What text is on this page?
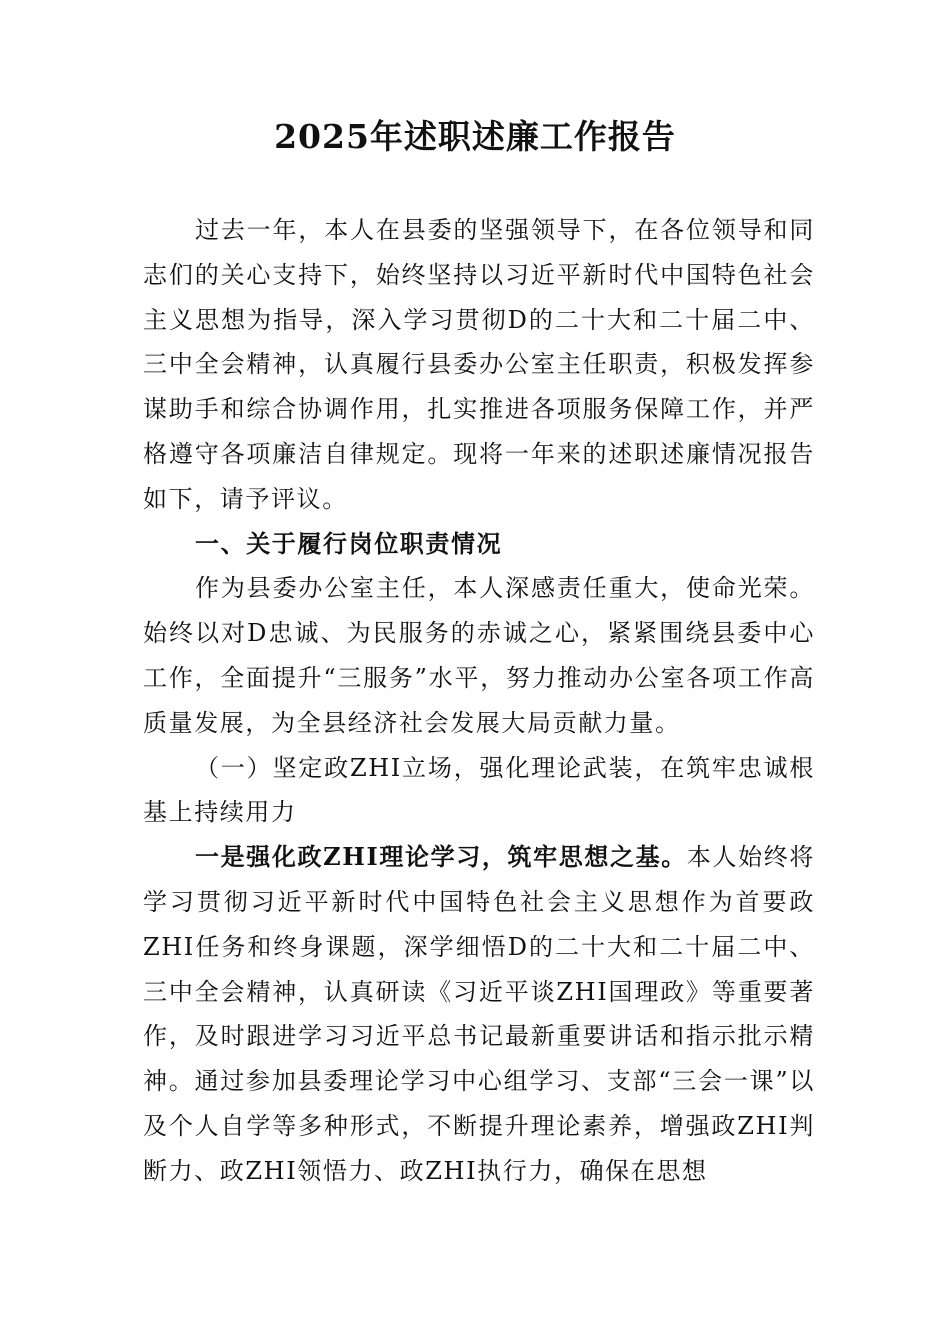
2025年述职述廉工作报告

过去一年，本人在县委的坚强领导下，在各位领导和同志们的关心支持下，始终坚持以习近平新时代中国特色社会主义思想为指导，深入学习贯彻D的二十大和二十届二中、三中全会精神，认真履行县委办公室主任职责，积极发挥参谋助手和综合协调作用，扎实推进各项服务保障工作，并严格遵守各项廉洁自律规定。现将一年来的述职述廉情况报告如下，请予评议。

一、关于履行岗位职责情况

作为县委办公室主任，本人深感责任重大，使命光荣。始终以对D忠诚、为民服务的赤诚之心，紧紧围绕县委中心工作，全面提升“三服务”水平，努力推动办公室各项工作高质量发展，为全县经济社会发展大局贡献力量。

（一）坚定政ZHI立场，强化理论武装，在筑牢忠诚根基上持续用力

一是强化政ZHI理论学习，筑牢思想之基。本人始终将学习贯彻习近平新时代中国特色社会主义思想作为首要政ZHI任务和终身课题，深学细悟D的二十大和二十届二中、三中全会精神，认真研读《习近平谈ZHI国理政》等重要著作，及时跟进学习习近平总书记最新重要讲话和指示批示精神。通过参加县委理论学习中心组学习、支部“三会一课”以及个人自学等多种形式，不断提升理论素养，增强政ZHI判断力、政ZHI领悟力、政ZHI执行力，确保在思想
